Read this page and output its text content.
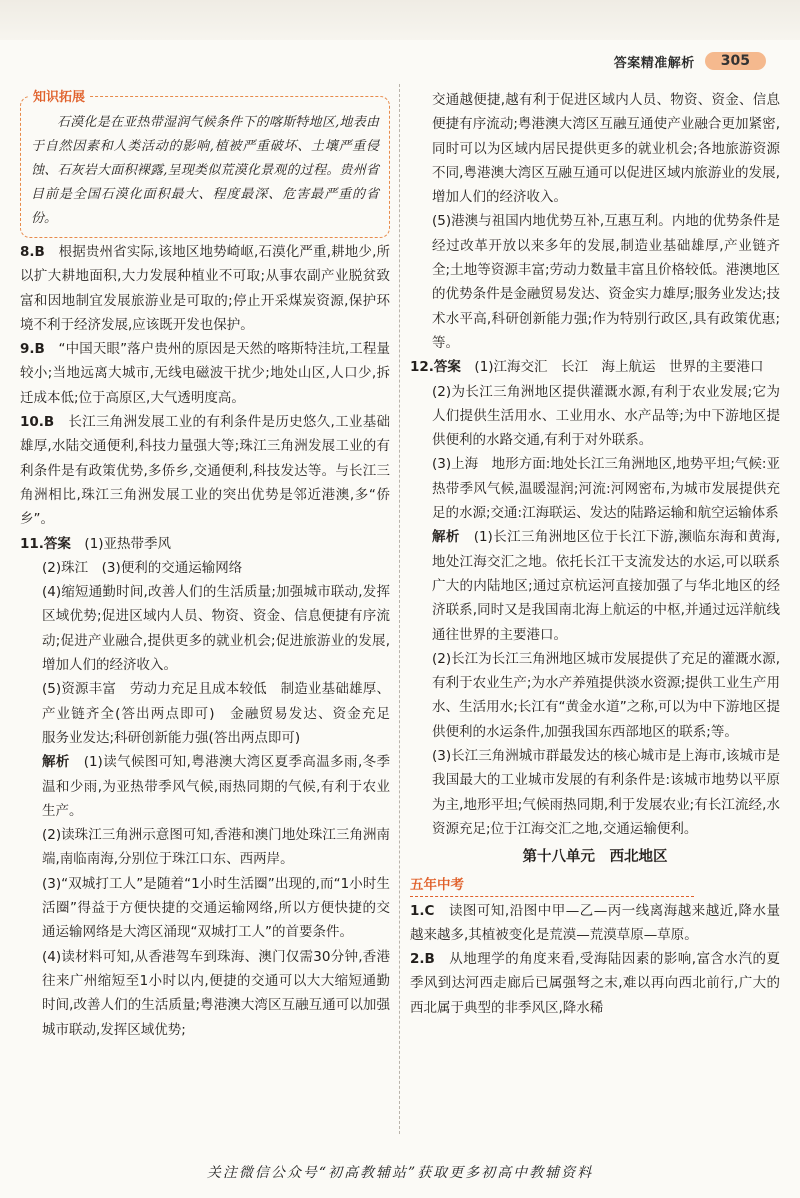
答案精准解析	305
知识拓展

石漠化是在亚热带湿润气候条件下的喀斯特地区,地表由于自然因素和人类活动的影响,植被严重破坏、土壤严重侵蚀、石灰岩大面积裸露,呈现类似荒漠化景观的过程。贵州省目前是全国石漠化面积最大、程度最深、危害最严重的省份。

8.B　 根据贵州省实际,该地区地势崎岖,石漠化严重,耕地少,所以扩大耕地面积,大力发展种植业不可取;从事农副产业脱贫致富和因地制宜发展旅游业是可取的;停止开采煤炭资源,保护环境不利于经济发展,应该既开发也保护。

9.B　 “中国天眼”落户贵州的原因是天然的喀斯特洼坑,工程量较小;当地远离大城市,无线电磁波干扰少;地处山区,人口少,拆迁成本低;位于高原区,大气透明度高。

10.B　 长江三角洲发展工业的有利条件是历史悠久,工业基础雄厚,水陆交通便利,科技力量强大等;珠江三角洲发展工业的有利条件是有政策优势,多侨乡,交通便利,科技发达等。与长江三角洲相比,珠江三角洲发展工业的突出优势是邻近港澳,多“侨乡”。

11.答案　 (1)亚热带季风

(2)珠江　(3)便利的交通运输网络

(4)缩短通勤时间,改善人们的生活质量;加强城市联动,发挥区域优势;促进区域内人员、物资、资金、信息便捷有序流动;促进产业融合,提供更多的就业机会;促进旅游业的发展,增加人们的经济收入。

(5)资源丰富　劳动力充足且成本较低　制造业基础雄厚、产业链齐全(答出两点即可)　金融贸易发达、资金充足　服务业发达;科研创新能力强(答出两点即可)

解析　 (1)读气候图可知,粤港澳大湾区夏季高温多雨,冬季温和少雨,为亚热带季风气候,雨热同期的气候,有利于农业生产。

(2)读珠江三角洲示意图可知,香港和澳门地处珠江三角洲南端,南临南海,分别位于珠江口东、西两岸。

(3)“双城打工人”是随着“1小时生活圈”出现的,而“1小时生活圈”得益于方便快捷的交通运输网络,所以方便快捷的交通运输网络是大湾区涌现“双城打工人”的首要条件。

(4)读材料可知,从香港驾车到珠海、澳门仅需30分钟,香港往来广州缩短至1小时以内,便捷的交通可以大大缩短通勤时间,改善人们的生活质量;粤港澳大湾区互融互通可以加强城市联动,发挥区域优势;

交通越便捷,越有利于促进区域内人员、物资、资金、信息便捷有序流动;粤港澳大湾区互融互通使产业融合更加紧密,同时可以为区域内居民提供更多的就业机会;各地旅游资源不同,粤港澳大湾区互融互通可以促进区域内旅游业的发展,增加人们的经济收入。

(5)港澳与祖国内地优势互补,互惠互利。内地的优势条件是经过改革开放以来多年的发展,制造业基础雄厚,产业链齐全;土地等资源丰富;劳动力数量丰富且价格较低。港澳地区的优势条件是金融贸易发达、资金实力雄厚;服务业发达;技术水平高,科研创新能力强;作为特别行政区,具有政策优惠;等。

12.答案　 (1)江海交汇　长江　海上航运　世界的主要港口

(2)为长江三角洲地区提供灌溉水源,有利于农业发展;它为人们提供生活用水、工业用水、水产品等;为中下游地区提供便利的水路交通,有利于对外联系。

(3)上海　地形方面:地处长江三角洲地区,地势平坦;气候:亚热带季风气候,温暖湿润;河流:河网密布,为城市发展提供充足的水源;交通:江海联运、发达的陆路运输和航空运输体系

解析　 (1)长江三角洲地区位于长江下游,濒临东海和黄海,地处江海交汇之地。依托长江干支流发达的水运,可以联系广大的内陆地区;通过京杭运河直接加强了与华北地区的经济联系,同时又是我国南北海上航运的中枢,并通过远洋航线通往世界的主要港口。

(2)长江为长江三角洲地区城市发展提供了充足的灌溉水源,有利于农业生产;为水产养殖提供淡水资源;提供工业生产用水、生活用水;长江有“黄金水道”之称,可以为中下游地区提供便利的水运条件,加强我国东西部地区的联系;等。

(3)长江三角洲城市群最发达的核心城市是上海市,该城市是我国最大的工业城市发展的有利条件是:该城市地势以平原为主,地形平坦;气候雨热同期,利于发展农业;有长江流经,水资源充足;位于江海交汇之地,交通运输便利。

第十八单元　西北地区
五年中考

1.C　 读图可知,沿图中甲—乙—丙一线离海越来越近,降水量越来越多,其植被变化是荒漠—荒漠草原—草原。

2.B　 从地理学的角度来看,受海陆因素的影响,富含水汽的夏季风到达河西走廊后已属强弩之末,难以再向西北前行,广大的西北属于典型的非季风区,降水稀

关注微信公众号“初高教辅站”获取更多初高中教辅资料
